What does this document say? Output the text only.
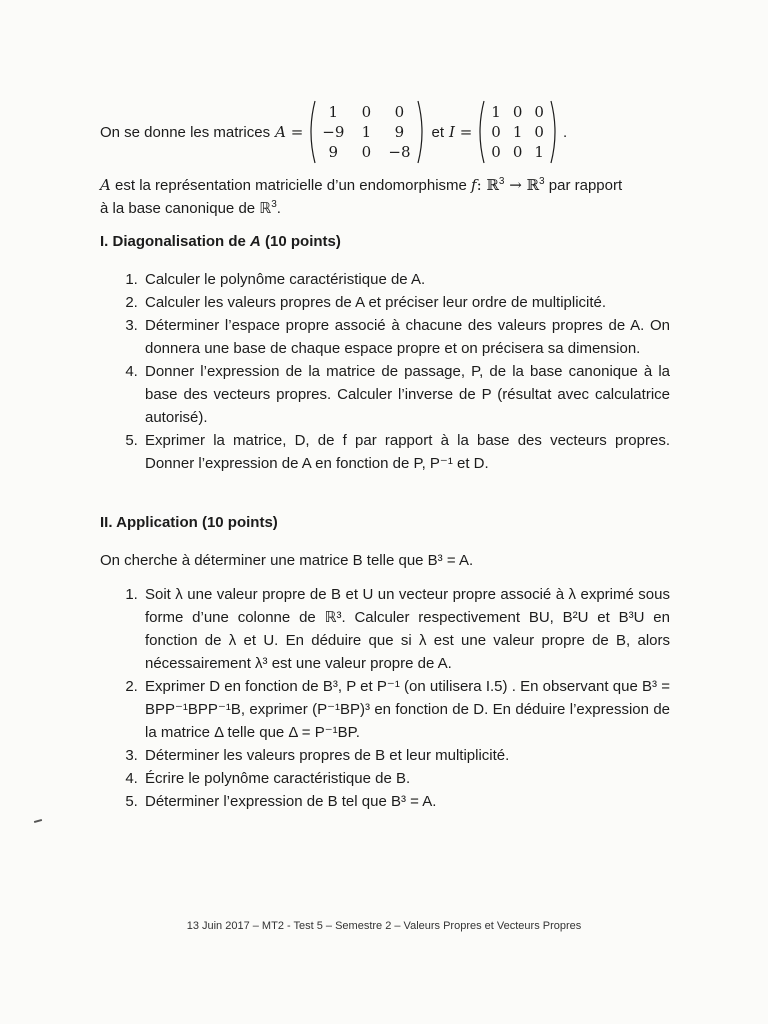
On se donne les matrices A =
1	0	0
−9	1	9
9	0	−8
et I =
1	0	0
0	1	0
0	0	1
.
A est la représentation matricielle d’un endomorphisme f: ℝ$^3$ → ℝ$^3$ par rapport
à la base canonique de ℝ$^3$.
I. Diagonalisation de A (10 points)
1. Calculer le polynôme caractéristique de A.
2. Calculer les valeurs propres de A et préciser leur ordre de multiplicité.
3. Déterminer l’espace propre associé à chacune des valeurs propres de A. On donnera une base de chaque espace propre et on précisera sa dimension.
4. Donner l’expression de la matrice de passage, P, de la base canonique à la base des vecteurs propres. Calculer l’inverse de P (résultat avec calculatrice autorisé).
5. Exprimer la matrice, D, de f par rapport à la base des vecteurs propres. Donner l’expression de A en fonction de P, P⁻¹ et D.
II. Application (10 points)
On cherche à déterminer une matrice B telle que B³ = A.
1. Soit λ une valeur propre de B et U un vecteur propre associé à λ exprimé sous forme d’une colonne de ℝ³. Calculer respectivement BU, B²U et B³U en fonction de λ et U. En déduire que si λ est une valeur propre de B, alors nécessairement λ³ est une valeur propre de A.
2. Exprimer D en fonction de B³, P et P⁻¹ (on utilisera I.5) . En observant que B³ = BPP⁻¹BPP⁻¹B, exprimer (P⁻¹BP)³ en fonction de D. En déduire l’expression de la matrice Δ telle que Δ = P⁻¹BP.
3. Déterminer les valeurs propres de B et leur multiplicité.
4. Écrire le polynôme caractéristique de B.
5. Déterminer l’expression de B tel que B³ = A.
13 Juin 2017 – MT2 - Test 5 – Semestre 2 – Valeurs Propres et Vecteurs Propres
